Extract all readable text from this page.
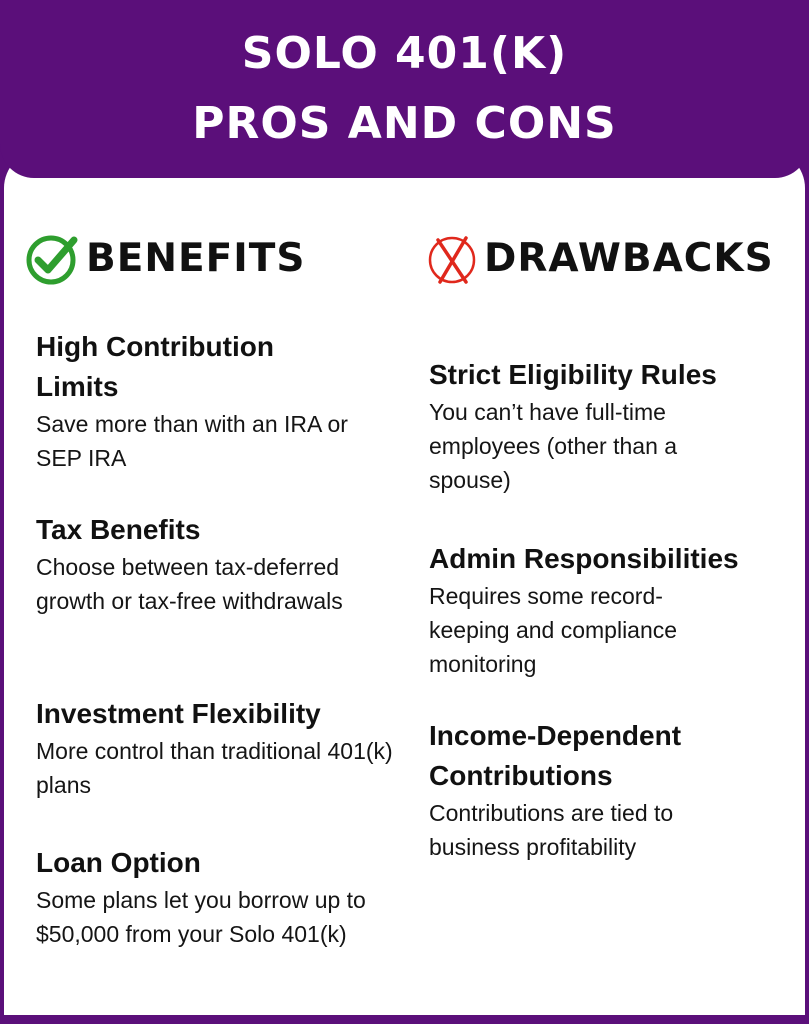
SOLO 401(K)
PROS AND CONS
BENEFITS	DRAWBACKS

High Contribution Limits

Save more than with an IRA or SEP IRA

Tax Benefits

Choose between tax-deferred growth or tax-free withdrawals

Investment Flexibility

More control than traditional 401(k) plans

Loan Option

Some plans let you borrow up to $50,000 from your Solo 401(k)

Strict Eligibility Rules

You can’t have full-time employees (other than a spouse)

Admin Responsibilities

Requires some record-keeping and compliance monitoring

Income-Dependent Contributions

Contributions are tied to business profitability
